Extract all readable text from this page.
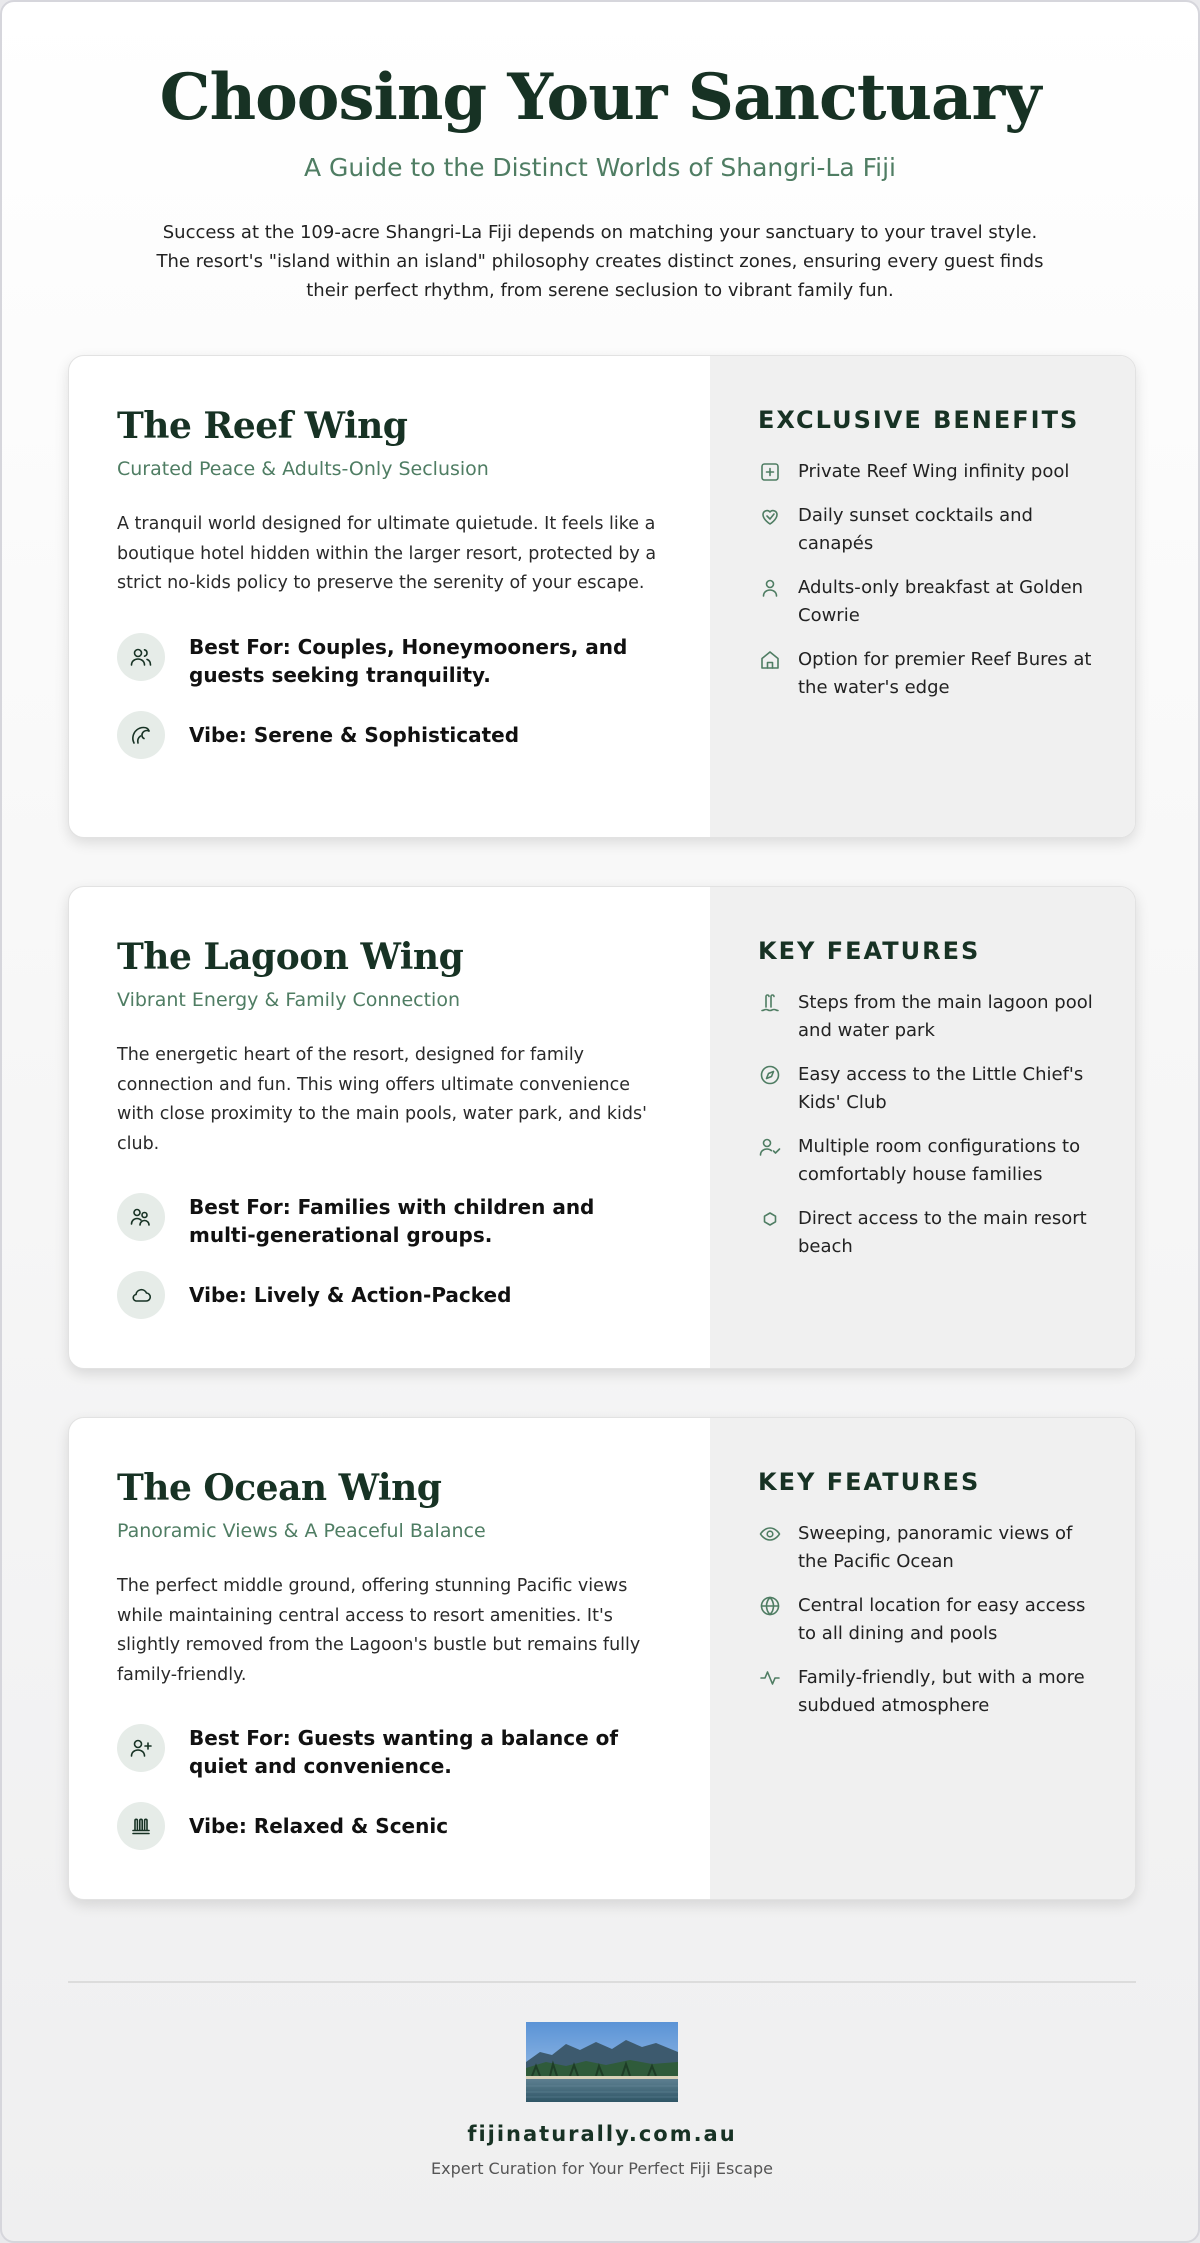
Choosing Your Sanctuary
A Guide to the Distinct Worlds of Shangri-La Fiji

Success at the 109-acre Shangri-La Fiji depends on matching your sanctuary to your travel style. The resort's "island within an island" philosophy creates distinct zones, ensuring every guest finds their perfect rhythm, from serene seclusion to vibrant family fun.

The Reef Wing
Curated Peace & Adults-Only Seclusion

A tranquil world designed for ultimate quietude. It feels like a boutique hotel hidden within the larger resort, protected by a strict no-kids policy to preserve the serenity of your escape.

Best For: Couples, Honeymooners, and guests seeking tranquility.
Vibe: Serene & Sophisticated
EXCLUSIVE BENEFITS
Private Reef Wing infinity pool
Daily sunset cocktails and canapés
Adults-only breakfast at Golden Cowrie
Option for premier Reef Bures at the water's edge
The Lagoon Wing
Vibrant Energy & Family Connection

The energetic heart of the resort, designed for family connection and fun. This wing offers ultimate convenience with close proximity to the main pools, water park, and kids' club.

Best For: Families with children and multi-generational groups.
Vibe: Lively & Action-Packed
KEY FEATURES
Steps from the main lagoon pool and water park
Easy access to the Little Chief's Kids' Club
Multiple room configurations to comfortably house families
Direct access to the main resort beach
The Ocean Wing
Panoramic Views & A Peaceful Balance

The perfect middle ground, offering stunning Pacific views while maintaining central access to resort amenities. It's slightly removed from the Lagoon's bustle but remains fully family-friendly.

Best For: Guests wanting a balance of quiet and convenience.
Vibe: Relaxed & Scenic
KEY FEATURES
Sweeping, panoramic views of the Pacific Ocean
Central location for easy access to all dining and pools
Family-friendly, but with a more subdued atmosphere
fijinaturally.com.au
Expert Curation for Your Perfect Fiji Escape
